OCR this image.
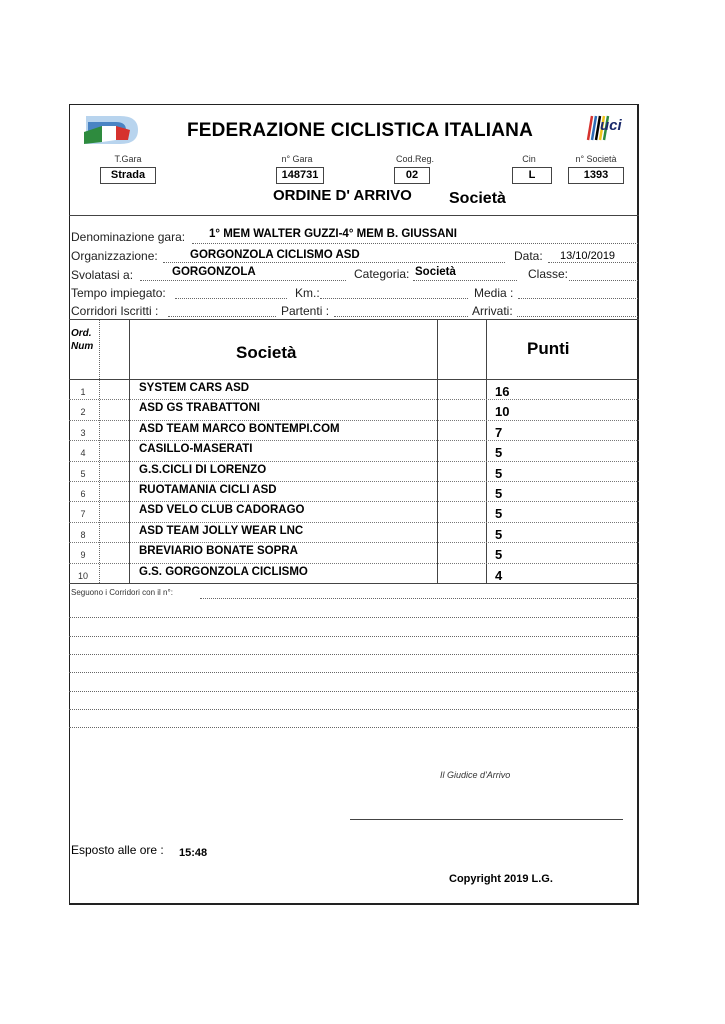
uci
FEDERAZIONE CICLISTICA ITALIANA
T.Gara
Strada
n° Gara
148731
Cod.Reg.
02
Cin
L
n° Società
1393
ORDINE D' ARRIVO Società
Denominazione gara: 1° MEM WALTER GUZZI-4° MEM B. GIUSSANI
Organizzazione:	GORGONZOLA CICLISMO ASD	Data: 13/10/2019
Svolatasi a:	GORGONZOLA	Categoria: Società	Classe:
Tempo impiegato:	Km.:	Media :
Corridori Iscritti :	Partenti :	Arrivati:
Ord.
Num	Società	Punti
1	SYSTEM CARS ASD	16
2	ASD GS TRABATTONI	10
3	ASD TEAM MARCO BONTEMPI.COM	7
4	CASILLO-MASERATI	5
5	G.S.CICLI DI LORENZO	5
6	RUOTAMANIA CICLI ASD	5
7	ASD VELO CLUB CADORAGO	5
8	ASD TEAM JOLLY WEAR LNC	5
9	BREVIARIO BONATE SOPRA	5
10	G.S. GORGONZOLA CICLISMO	4
Seguono i Corridori con il n°:
Il Giudice d'Arrivo
Esposto alle ore : 15:48
Copyright 2019 L.G.
